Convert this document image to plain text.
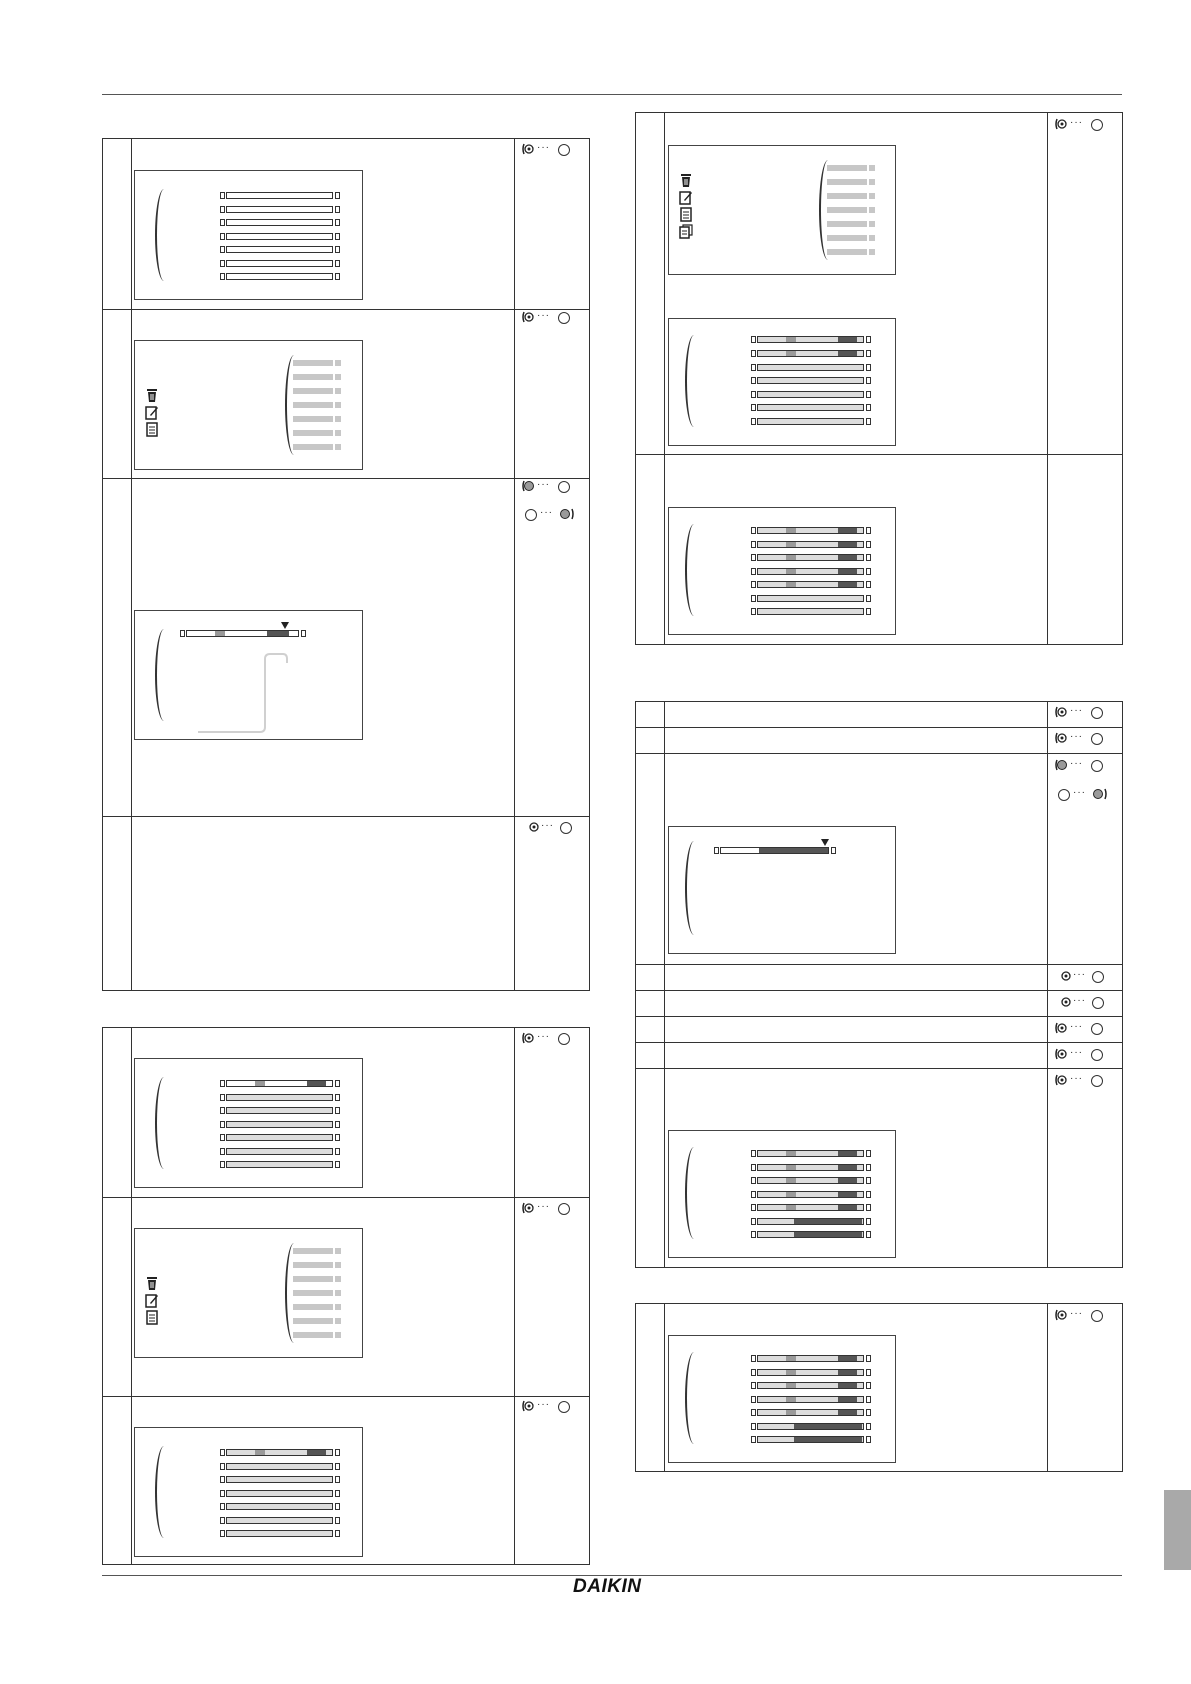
···
···
···
···
···
···
···
···
···
···
···
···
···
···
···
···
···
···
···
DAIKIN
